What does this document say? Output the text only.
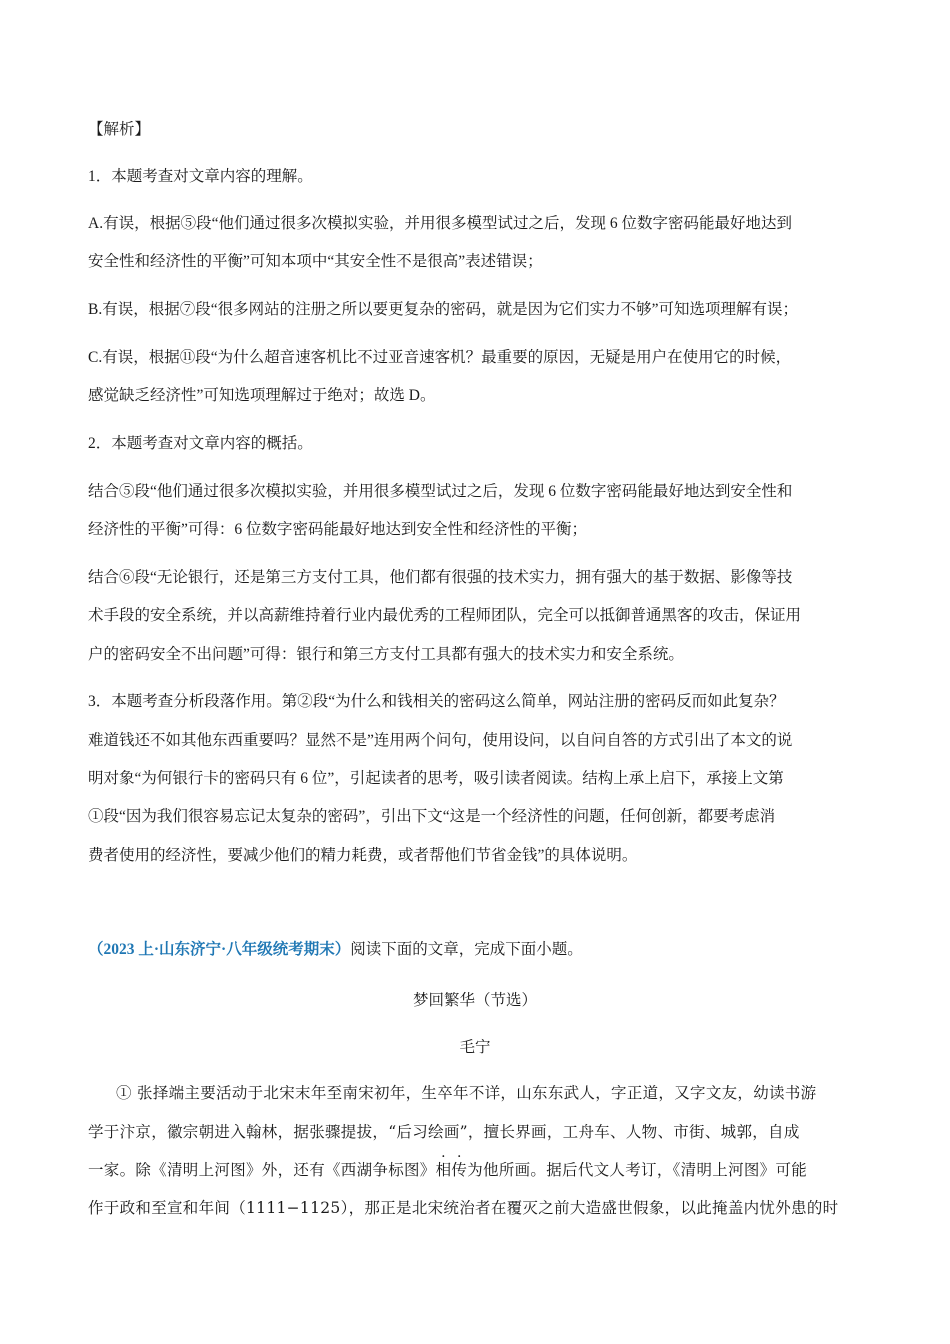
【解析】
1．本题考查对文章内容的理解。
A.有误，根据⑤段“他们通过很多次模拟实验，并用很多模型试过之后，发现 6 位数字密码能最好地达到
安全性和经济性的平衡”可知本项中“其安全性不是很高”表述错误；
B.有误，根据⑦段“很多网站的注册之所以要更复杂的密码，就是因为它们实力不够”可知选项理解有误；
C.有误，根据⑪段“为什么超音速客机比不过亚音速客机？最重要的原因，无疑是用户在使用它的时候，
感觉缺乏经济性”可知选项理解过于绝对；故选 D。
2．本题考查对文章内容的概括。
结合⑤段“他们通过很多次模拟实验，并用很多模型试过之后，发现 6 位数字密码能最好地达到安全性和
经济性的平衡”可得：6 位数字密码能最好地达到安全性和经济性的平衡；
结合⑥段“无论银行，还是第三方支付工具，他们都有很强的技术实力，拥有强大的基于数据、影像等技
术手段的安全系统，并以高薪维持着行业内最优秀的工程师团队，完全可以抵御普通黑客的攻击，保证用
户的密码安全不出问题”可得：银行和第三方支付工具都有强大的技术实力和安全系统。
3．本题考查分析段落作用。第②段“为什么和钱相关的密码这么简单，网站注册的密码反而如此复杂？
难道钱还不如其他东西重要吗？显然不是”连用两个问句，使用设问，以自问自答的方式引出了本文的说
明对象“为何银行卡的密码只有 6 位”，引起读者的思考，吸引读者阅读。结构上承上启下，承接上文第
①段“因为我们很容易忘记太复杂的密码”，引出下文“这是一个经济性的问题，任何创新，都要考虑消
费者使用的经济性，要减少他们的精力耗费，或者帮他们节省金钱”的具体说明。
（2023 上·山东济宁·八年级统考期末）阅读下面的文章，完成下面小题。
梦回繁华（节选）
毛宁
① 张择端主要活动于北宋末年至南宋初年，生卒年不详，山东东武人，字正道，又字文友，幼读书游
学于汴京，徽宗朝进入翰林，据张骤提拔，“后习绘画”，擅长界画，工舟车、人物、市街、城郭，自成
一家。除《清明上河图》外，还有《西湖争标图》相传为他所画。据后代文人考订，《清明上河图》可能
作于政和至宣和年间（1111−1125），那正是北宋统治者在覆灭之前大造盛世假象，以此掩盖内忧外患的时
